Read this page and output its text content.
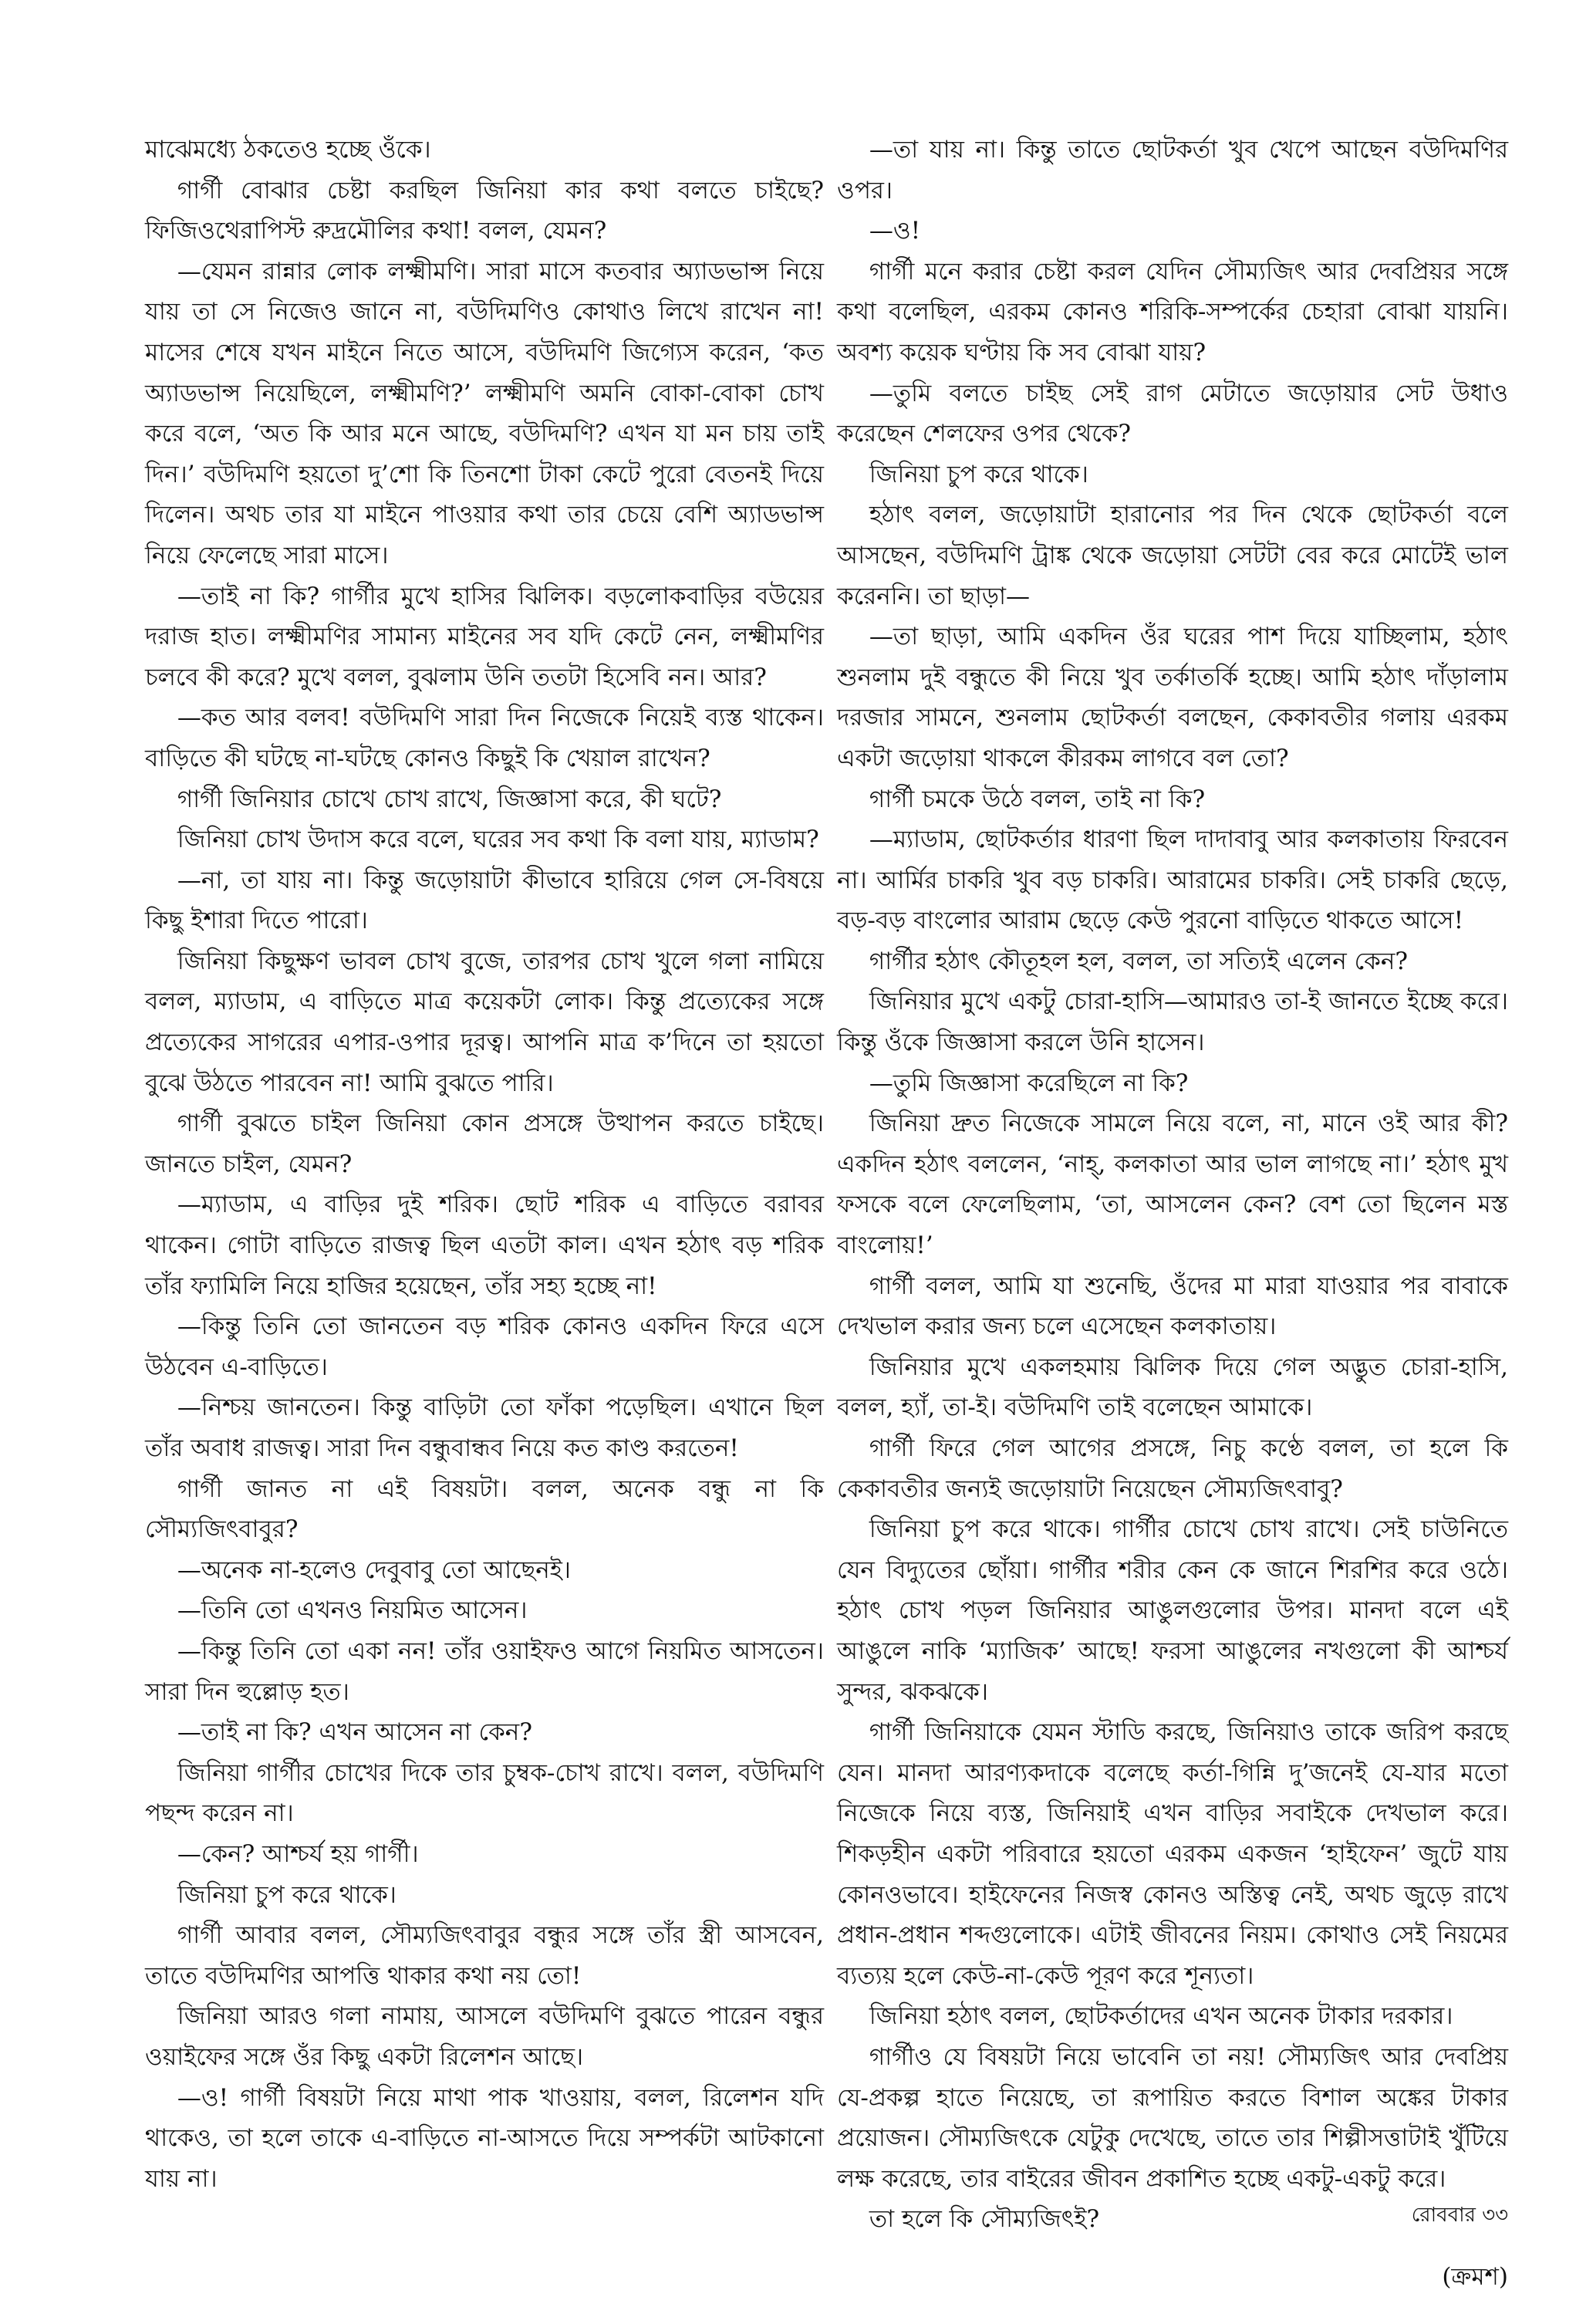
মাঝেমধ্যে ঠকতেও হচ্ছে ওঁকে।

গার্গী বোঝার চেষ্টা করছিল জিনিয়া কার কথা বলতে চাইছে? ফিজিওথেরাপিস্ট রুদ্রমৌলির কথা! বলল, যেমন?

—যেমন রান্নার লোক লক্ষ্মীমণি। সারা মাসে কতবার অ্যাডভান্স নিয়ে যায় তা সে নিজেও জানে না, বউদিমণিও কোথাও লিখে রাখেন না! মাসের শেষে যখন মাইনে নিতে আসে, বউদিমণি জিগ্যেস করেন, ‘কত অ্যাডভান্স নিয়েছিলে, লক্ষ্মীমণি?’ লক্ষ্মীমণি অমনি বোকা-বোকা চোখ করে বলে, ‘অত কি আর মনে আছে, বউদিমণি? এখন যা মন চায় তাই দিন।’ বউদিমণি হয়তো দু’শো কি তিনশো টাকা কেটে পুরো বেতনই দিয়ে দিলেন। অথচ তার যা মাইনে পাওয়ার কথা তার চেয়ে বেশি অ্যাডভান্স নিয়ে ফেলেছে সারা মাসে।

—তাই না কি? গার্গীর মুখে হাসির ঝিলিক। বড়লোকবাড়ির বউয়ের দরাজ হাত। লক্ষ্মীমণির সামান্য মাইনের সব যদি কেটে নেন, লক্ষ্মীমণির চলবে কী করে? মুখে বলল, বুঝলাম উনি ততটা হিসেবি নন। আর?

—কত আর বলব! বউদিমণি সারা দিন নিজেকে নিয়েই ব্যস্ত থাকেন। বাড়িতে কী ঘটছে না-ঘটছে কোনও কিছুই কি খেয়াল রাখেন?

গার্গী জিনিয়ার চোখে চোখ রাখে, জিজ্ঞাসা করে, কী ঘটে?

জিনিয়া চোখ উদাস করে বলে, ঘরের সব কথা কি বলা যায়, ম্যাডাম?

—না, তা যায় না। কিন্তু জড়োয়াটা কীভাবে হারিয়ে গেল সে-বিষয়ে কিছু ইশারা দিতে পারো।

জিনিয়া কিছুক্ষণ ভাবল চোখ বুজে, তারপর চোখ খুলে গলা নামিয়ে বলল, ম্যাডাম, এ বাড়িতে মাত্র কয়েকটা লোক। কিন্তু প্রত্যেকের সঙ্গে প্রত্যেকের সাগরের এপার-ওপার দূরত্ব। আপনি মাত্র ক’দিনে তা হয়তো বুঝে উঠতে পারবেন না! আমি বুঝতে পারি।

গার্গী বুঝতে চাইল জিনিয়া কোন প্রসঙ্গে উত্থাপন করতে চাইছে। জানতে চাইল, যেমন?

—ম্যাডাম, এ বাড়ির দুই শরিক। ছোট শরিক এ বাড়িতে বরাবর থাকেন। গোটা বাড়িতে রাজত্ব ছিল এতটা কাল। এখন হঠাৎ বড় শরিক তাঁর ফ্যামিলি নিয়ে হাজির হয়েছেন, তাঁর সহ্য হচ্ছে না!

—কিন্তু তিনি তো জানতেন বড় শরিক কোনও একদিন ফিরে এসে উঠবেন এ-বাড়িতে।

—নিশ্চয় জানতেন। কিন্তু বাড়িটা তো ফাঁকা পড়েছিল। এখানে ছিল তাঁর অবাধ রাজত্ব। সারা দিন বন্ধুবান্ধব নিয়ে কত কাণ্ড করতেন!

গার্গী জানত না এই বিষয়টা। বলল, অনেক বন্ধু না কি সৌম্যজিৎবাবুর?

—অনেক না-হলেও দেবুবাবু তো আছেনই।

—তিনি তো এখনও নিয়মিত আসেন।

—কিন্তু তিনি তো একা নন! তাঁর ওয়াইফও আগে নিয়মিত আসতেন। সারা দিন হুল্লোড় হত।

—তাই না কি? এখন আসেন না কেন?

জিনিয়া গার্গীর চোখের দিকে তার চুম্বক-চোখ রাখে। বলল, বউদিমণি পছন্দ করেন না।

—কেন? আশ্চর্য হয় গার্গী।

জিনিয়া চুপ করে থাকে।

গার্গী আবার বলল, সৌম্যজিৎবাবুর বন্ধুর সঙ্গে তাঁর স্ত্রী আসবেন, তাতে বউদিমণির আপত্তি থাকার কথা নয় তো!

জিনিয়া আরও গলা নামায়, আসলে বউদিমণি বুঝতে পারেন বন্ধুর ওয়াইফের সঙ্গে ওঁর কিছু একটা রিলেশন আছে।

—ও! গার্গী বিষয়টা নিয়ে মাথা পাক খাওয়ায়, বলল, রিলেশন যদি থাকেও, তা হলে তাকে এ-বাড়িতে না-আসতে দিয়ে সম্পর্কটা আটকানো যায় না।

—তা যায় না। কিন্তু তাতে ছোটকর্তা খুব খেপে আছেন বউদিমণির ওপর।

—ও!

গার্গী মনে করার চেষ্টা করল যেদিন সৌম্যজিৎ আর দেবপ্রিয়র সঙ্গে কথা বলেছিল, এরকম কোনও শরিকি-সম্পর্কের চেহারা বোঝা যায়নি। অবশ্য কয়েক ঘণ্টায় কি সব বোঝা যায়?

—তুমি বলতে চাইছ সেই রাগ মেটাতে জড়োয়ার সেট উধাও করেছেন শেলফের ওপর থেকে?

জিনিয়া চুপ করে থাকে।

হঠাৎ বলল, জড়োয়াটা হারানোর পর দিন থেকে ছোটকর্তা বলে আসছেন, বউদিমণি ট্রাঙ্ক থেকে জড়োয়া সেটটা বের করে মোটেই ভাল করেননি। তা ছাড়া—

—তা ছাড়া, আমি একদিন ওঁর ঘরের পাশ দিয়ে যাচ্ছিলাম, হঠাৎ শুনলাম দুই বন্ধুতে কী নিয়ে খুব তর্কাতর্কি হচ্ছে। আমি হঠাৎ দাঁড়ালাম দরজার সামনে, শুনলাম ছোটকর্তা বলছেন, কেকাবতীর গলায় এরকম একটা জড়োয়া থাকলে কীরকম লাগবে বল তো?

গার্গী চমকে উঠে বলল, তাই না কি?

—ম্যাডাম, ছোটকর্তার ধারণা ছিল দাদাবাবু আর কলকাতায় ফিরবেন না। আর্মির চাকরি খুব বড় চাকরি। আরামের চাকরি। সেই চাকরি ছেড়ে, বড়-বড় বাংলোর আরাম ছেড়ে কেউ পুরনো বাড়িতে থাকতে আসে!

গার্গীর হঠাৎ কৌতূহল হল, বলল, তা সত্যিই এলেন কেন?

জিনিয়ার মুখে একটু চোরা-হাসি—আমারও তা-ই জানতে ইচ্ছে করে। কিন্তু ওঁকে জিজ্ঞাসা করলে উনি হাসেন।

—তুমি জিজ্ঞাসা করেছিলে না কি?

জিনিয়া দ্রুত নিজেকে সামলে নিয়ে বলে, না, মানে ওই আর কী? একদিন হঠাৎ বললেন, ‘নাহ্, কলকাতা আর ভাল লাগছে না।’ হঠাৎ মুখ ফসকে বলে ফেলেছিলাম, ‘তা, আসলেন কেন? বেশ তো ছিলেন মস্ত বাংলোয়!’

গার্গী বলল, আমি যা শুনেছি, ওঁদের মা মারা যাওয়ার পর বাবাকে দেখভাল করার জন্য চলে এসেছেন কলকাতায়।

জিনিয়ার মুখে একলহমায় ঝিলিক দিয়ে গেল অদ্ভুত চোরা-হাসি, বলল, হ্যাঁ, তা-ই। বউদিমণি তাই বলেছেন আমাকে।

গার্গী ফিরে গেল আগের প্রসঙ্গে, নিচু কণ্ঠে বলল, তা হলে কি কেকাবতীর জন্যই জড়োয়াটা নিয়েছেন সৌম্যজিৎবাবু?

জিনিয়া চুপ করে থাকে। গার্গীর চোখে চোখ রাখে। সেই চাউনিতে যেন বিদ্যুতের ছোঁয়া। গার্গীর শরীর কেন কে জানে শিরশির করে ওঠে। হঠাৎ চোখ পড়ল জিনিয়ার আঙুলগুলোর উপর। মানদা বলে এই আঙুলে নাকি ‘ম্যাজিক’ আছে! ফরসা আঙুলের নখগুলো কী আশ্চর্য সুন্দর, ঝকঝকে।

গার্গী জিনিয়াকে যেমন স্টাডি করছে, জিনিয়াও তাকে জরিপ করছে যেন। মানদা আরণ্যকদাকে বলেছে কর্তা-গিন্নি দু’জনেই যে-যার মতো নিজেকে নিয়ে ব্যস্ত, জিনিয়াই এখন বাড়ির সবাইকে দেখভাল করে। শিকড়হীন একটা পরিবারে হয়তো এরকম একজন ‘হাইফেন’ জুটে যায় কোনওভাবে। হাইফেনের নিজস্ব কোনও অস্তিত্ব নেই, অথচ জুড়ে রাখে প্রধান-প্রধান শব্দগুলোকে। এটাই জীবনের নিয়ম। কোথাও সেই নিয়মের ব্যত্যয় হলে কেউ-না-কেউ পূরণ করে শূন্যতা।

জিনিয়া হঠাৎ বলল, ছোটকর্তাদের এখন অনেক টাকার দরকার।

গার্গীও যে বিষয়টা নিয়ে ভাবেনি তা নয়! সৌম্যজিৎ আর দেবপ্রিয় যে-প্রকল্প হাতে নিয়েছে, তা রূপায়িত করতে বিশাল অঙ্কের টাকার প্রয়োজন। সৌম্যজিৎকে যেটুকু দেখেছে, তাতে তার শিল্পীসত্তাটাই খুঁটিয়ে লক্ষ করেছে, তার বাইরের জীবন প্রকাশিত হচ্ছে একটু-একটু করে।

তা হলে কি সৌম্যজিৎই?

(ক্রমশ)

রোববার ৩৩
